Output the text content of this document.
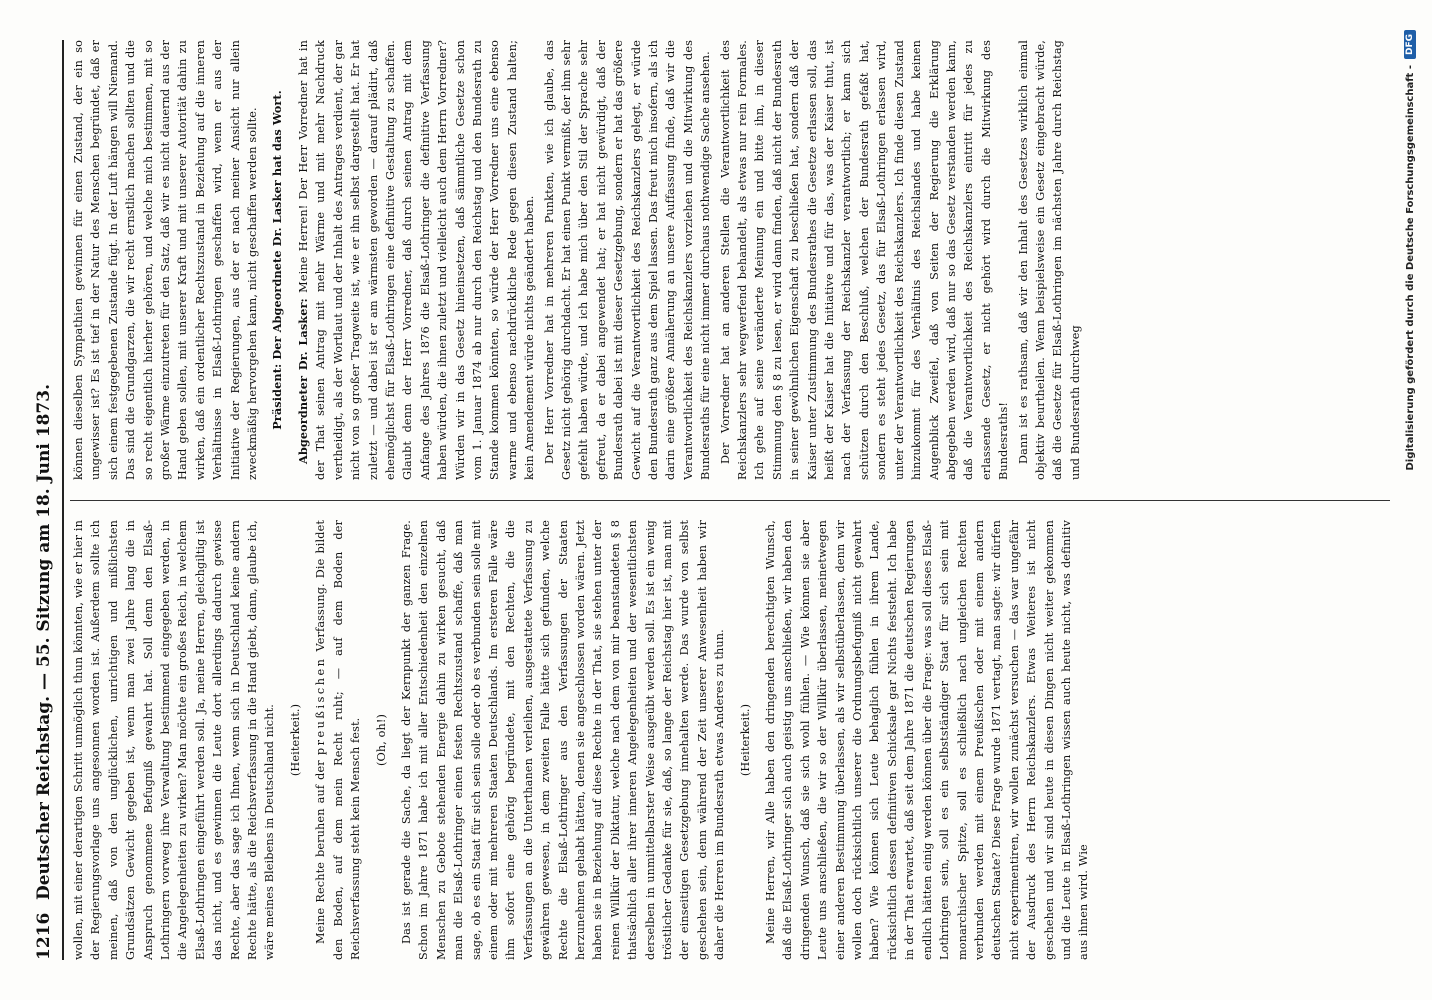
1216
Deutscher Reichstag. — 55. Sitzung am 18. Juni 1873. wollen, mit einer derartigen Schritt unmöglich thun könnten, wie er hier in der Regierungsvorlage uns angesonnen worden ist. Außerdem sollte ich meinen, daß von den unglücklichen, unrichtigen und mißlichsten Grundsätzen Gewicht gegeben ist, wenn man zwei Jahre lang die in Anspruch genommene Befugniß gewahrt hat. Soll denn den Elsaß-Lothringern vorweg ihre Verwaltung bestimmend eingegeben werden, in die Angelegenheiten zu wirken? Man möchte ein großes Reich, in welchem Elsaß-Lothringen eingeführt werden soll. Ja, meine Herren, gleichgiltig ist das nicht, und es gewinnen die Leute dort allerdings dadurch gewisse Rechte, aber das sage ich Ihnen, wenn sich in Deutschland keine andern Rechte hätte, als die Reichsverfassung in die Hand giebt, dann, glaube ich, wäre meines Bleibens in Deutschland nicht. (Heiterkeit.)

Meine Rechte beruhen auf der preußischen Verfassung. Die bildet den Boden, auf dem mein Recht ruht; — auf dem Boden der Reichsverfassung steht kein Mensch fest. (Oh, oh!) Das ist gerade die Sache, da liegt der Kernpunkt der ganzen Frage. Schon im Jahre 1871 habe ich mit aller Entschiedenheit den einzelnen Menschen zu Gebote stehenden Energie dahin zu wirken gesucht, daß man die Elsaß-Lothringer einen festen Rechtszustand schaffe, daß man sage, ob es ein Staat für sich sein solle oder ob es verbunden sein solle mit einem oder mit mehreren Staaten Deutschlands. Im ersteren Falle wäre ihm sofort eine gehörig begründete, mit den Rechten, die die Verfassungen an die Unterthanen verleihen, ausgestattete Verfassung zu gewähren gewesen, in dem zweiten Falle hätte sich gefunden, welche Rechte die Elsaß-Lothringer aus den Verfassungen der Staaten herzunehmen gehabt hätten, denen sie angeschlossen worden wären. Jetzt haben sie in Beziehung auf diese Rechte in der That, sie stehen unter der reinen Willkür der Diktatur, welche nach dem von mir beanstandeten § 8 thatsächlich aller ihrer inneren Angelegenheiten und der wesentlichsten derselben in unmittelbarster Weise ausgeübt werden soll. Es ist ein wenig tröstlicher Gedanke für sie, daß, so lange der Reichstag hier ist, man mit der einseitigen Gesetzgebung innehalten werde. Das wurde von selbst geschehen sein, denn während der Zeit unserer Anwesenheit haben wir daher die Herren im Bundesrath etwas Anderes zu thun. (Heiterkeit.) Meine Herren, wir Alle haben den dringenden berechtigten Wunsch, daß die Elsaß-Lothringer sich auch geistig uns anschließen, wir haben den dringenden Wunsch, daß sie sich wohl fühlen. — Wie können sie aber Leute uns anschließen, die wir so der Willkür überlassen, meinetwegen einer anderen Bestimmung überlassen, als wir selbstüberlassen, denn wir wollen doch rücksichtlich unserer die Ordnungsbefugniß nicht gewahrt haben? Wie können sich Leute behaglich fühlen in ihrem Lande, rücksichtlich dessen definitiven Schicksale gar Nichts feststeht. Ich habe in der That erwartet, daß seit dem Jahre 1871 die deutschen Regierungen endlich hätten einig werden können über die Frage: was soll dieses Elsaß-Lothringen sein, soll es ein selbstständiger Staat für sich sein mit monarchischer Spitze, soll es schließlich nach ungleichen Rechten verbunden werden mit einem Preußischen oder mit einem andern deutschen Staate? Diese Frage wurde 1871 vertagt, man sagte: wir dürfen nicht experimentiren, wir wollen zunächst versuchen — das war ungefähr der Ausdruck des Herrn Reichskanzlers. Etwas Weiteres ist nicht geschehen und wir sind heute in diesen Dingen nicht weiter gekommen und die Leute in Elsaß-Lothringen wissen auch heute nicht, was definitiv aus ihnen wird. Wie

können dieselben Sympathien gewinnen für einen Zustand, der ein so ungewisser ist? Es ist tief in der Natur des Menschen begründet, daß er sich einem festgegebenen Zustande fügt. In der Luft hängen will Niemand. Das sind die Grundgarzen, die wir recht ernstlich machen sollten und die so recht eigentlich hierher gehören, und welche mich bestimmen, mit so großer Wärme einzutreten für den Satz, daß wir es nicht dauernd aus der Hand geben sollen, mit unserer Kraft und mit unserer Autorität dahin zu wirken, daß ein ordentlicher Rechtszustand in Beziehung auf die inneren Verhältnisse in Elsaß-Lothringen geschaffen wird, wenn er aus der Initiative der Regierungen, aus der er nach meiner Ansicht nur allein zweckmäßig hervorgehen kann, nicht geschaffen werden sollte. Präsident: Der Abgeordnete Dr. Lasker hat das Wort. Abgeordneter Dr. Lasker: Meine Herren! Der Herr Vorredner hat in der That seinen Antrag mit mehr Wärme und mit mehr Nachdruck vertheidigt, als der Wortlaut und der Inhalt des Antrages verdient, der gar nicht von so großer Tragweite ist, wie er ihn selbst dargestellt hat. Er hat zuletzt — und dabei ist er am wärmsten geworden — darauf plädirt, daß ehemöglichst für Elsaß-Lothringen eine definitive Gestaltung zu schaffen. Glaubt denn der Herr Vorredner, daß durch seinen Antrag mit dem Anfange des Jahres 1876 die Elsaß-Lothringer die definitive Verfassung haben würden, die ihnen zuletzt und vielleicht auch dem Herrn Vorredner? Würden wir in das Gesetz hineinsetzen, daß sämmtliche Gesetze schon vom 1. Januar 1874 ab nur durch den Reichstag und den Bundesrath zu Stande kommen könnten, so würde der Herr Vorredner uns eine ebenso warme und ebenso nachdrückliche Rede gegen diesen Zustand halten; kein Amendement würde nichts geändert haben. Der Herr Vorredner hat in mehreren Punkten, wie ich glaube, das Gesetz nicht gehörig durchdacht. Er hat einen Punkt vermißt, der ihm sehr gefehlt haben würde, und ich habe mich über den Stil der Sprache sehr gefreut, da er dabei angewendet hat; er hat nicht gewürdigt, daß der Bundesrath dabei ist mit dieser Gesetzgebung, sondern er hat das größere Gewicht auf die Verantwortlichkeit des Reichskanzlers gelegt, er würde den Bundesrath ganz aus dem Spiel lassen. Das freut mich insofern, als ich darin eine größere Annäherung an unsere Auffassung finde, daß wir die Verantwortlichkeit des Reichskanzlers vorziehen und die Mitwirkung des Bundesraths für eine nicht immer durchaus nothwendige Sache ansehen. Der Vorredner hat an anderen Stellen die Verantwortlichkeit des Reichskanzlers sehr wegwerfend behandelt, als etwas nur rein Formales. Ich gehe auf seine veränderte Meinung ein und bitte ihn, in dieser Stimmung den § 8 zu lesen, er wird dann finden, daß nicht der Bundesrath in seiner gewöhnlichen Eigenschaft zu beschließen hat, sondern daß der Kaiser unter Zustimmung des Bundesrathes die Gesetze erlassen soll, das heißt der Kaiser hat die Initiative und für das, was der Kaiser thut, ist nach der Verfassung der Reichskanzler verantwortlich; er kann sich schützen durch den Beschluß, welchen der Bundesrath gefaßt hat, sondern es steht jedes Gesetz, das für Elsaß-Lothringen erlassen wird, unter der Verantwortlichkeit des Reichskanzlers. Ich finde diesen Zustand hinzukommt für des Verhältnis des Reichslandes und habe keinen Augenblick Zweifel, daß von Seiten der Regierung die Erklärung abgegeben werden wird, daß nur so das Gesetz verstanden werden kann, daß die Verantwortlichkeit des Reichskanzlers eintritt für jedes zu erlassende Gesetz, er nicht gehört wird durch die Mitwirkung des Bundesraths! Dann ist es rathsam, daß wir den Inhalt des Gesetzes wirklich einmal objektiv beurtheilen. Wenn beispielsweise ein Gesetz eingebracht würde, daß die Gesetze für Elsaß-Lothringen im nächsten Jahre durch Reichstag und Bundesrath durchweg	Digitalisierung gefördert durch die Deutsche Forschungsgemeinschaft -
DFG
